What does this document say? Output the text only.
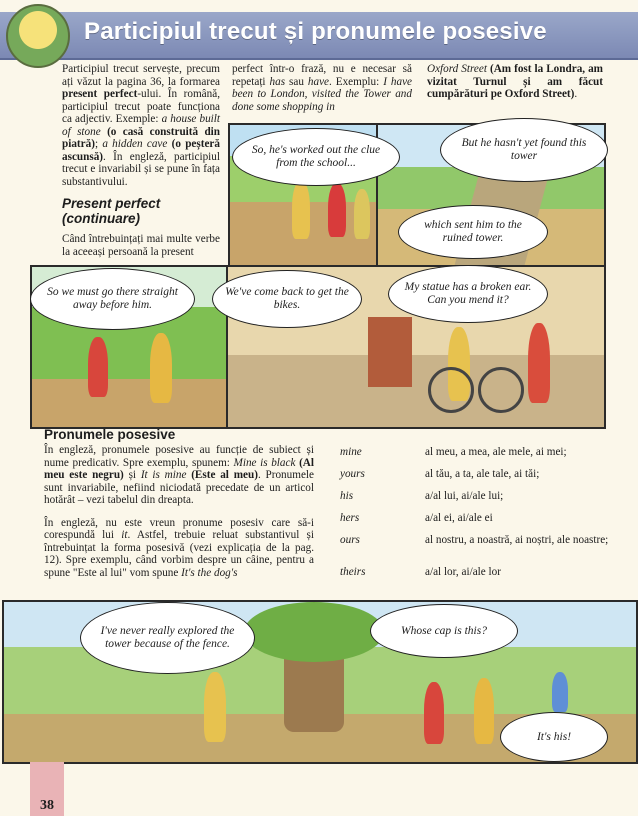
Participiul trecut și pronumele posesive

Participiul trecut servește, precum ați văzut la pagina 36, la formarea present perfect-ului. În română, participiul trecut poate funcționa ca adjectiv. Exemple: a house built of stone (o casă construită din piatră); a hidden cave (o peșteră ascunsă). În engleză, participiul trecut e invariabil și se pune în fața substantivului.

Present perfect (continuare)

Când întrebuințați mai multe verbe la aceeași persoană la present

perfect într-o frază, nu e necesar să repetați has sau have. Exemplu: I have been to London, visited the Tower and done some shopping in

Oxford Street (Am fost la Londra, am vizitat Turnul și am făcut cumpărături pe Oxford Street).

So, he's worked out the clue from the school...
But he hasn't yet found this tower
which sent him to the ruined tower.
So we must go there straight away before him.
We've come back to get the bikes.
My statue has a broken ear. Can you mend it?
Pronumele posesive

În engleză, pronumele posesive au funcție de subiect și nume predicativ. Spre exemplu, spunem: Mine is black (Al meu este negru) și It is mine (Este al meu). Pronumele sunt invariabile, nefiind niciodată precedate de un articol hotărât – vezi tabelul din dreapta.

În engleză, nu este vreun pronume posesiv care să-i corespundă lui it. Astfel, trebuie reluat substantivul și întrebuințat la forma posesivă (vezi explicația de la pag. 12). Spre exemplu, când vorbim despre un câine, pentru a spune "Este al lui" vom spune It's the dog's

mine	al meu, a mea, ale mele, ai mei;
yours	al tău, a ta, ale tale, ai tăi;
his	a/al lui, ai/ale lui;
hers	a/al ei, ai/ale ei
ours	al nostru, a noastră, ai noștri, ale noastre;
theirs	a/al lor, ai/ale lor
I've never really explored the tower because of the fence.
Whose cap is this?
It's his!
38
